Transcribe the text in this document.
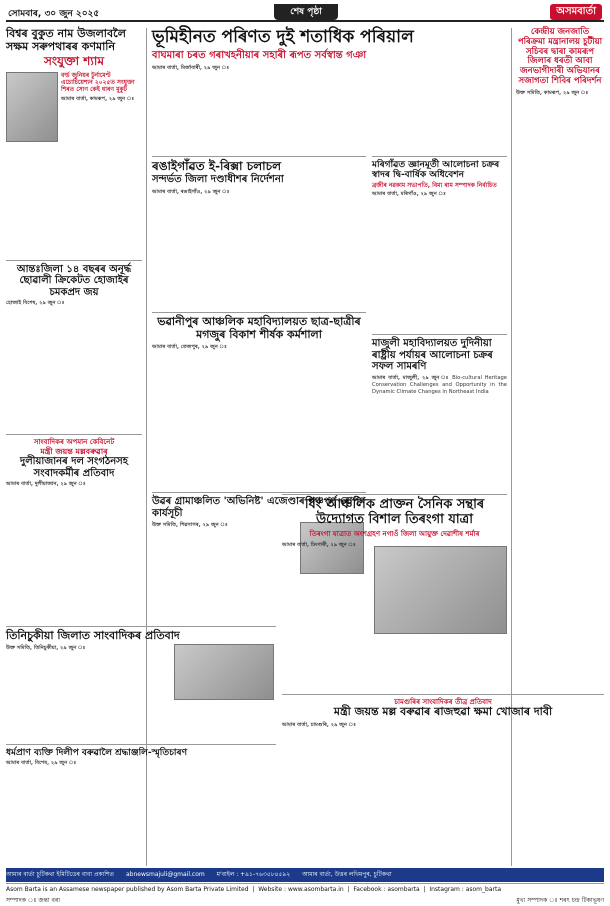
সোমবাৰ, ৩০ জুন ২০২৫	শেষ পৃষ্ঠা	অসমবাৰ্তা
বিশ্বৰ বুকুত নাম উজলাবলৈ সক্ষম সৰুপথাৰৰ কণমানি
সংযুক্তা শ্যাম
বৰ্ল্ড জুনিয়ৰ টুৰ্নামেণ্ট এচোচিয়েশ্যন ২০২৫ত সংযুক্তা শিৰত সোণ কেই ধাৰণ মুকুট
আমাৰ বাৰ্তা, কামৰূপ, ২৯ জুন ঃ
আন্তঃজিলা ১৪ বছৰৰ অনূৰ্দ্ধ ছোৱালী ক্ৰিকেটত হোজাইৰ চমকপ্ৰদ জয়
হোজাই বিশেষ, ২৯ জুন ঃ
সাংবাদিকৰ অপমান কেবিনেট
মন্ত্ৰী জয়ন্ত মল্লবৰুৱাৰ
দুলীয়াজানৰ দল সংগঠনসহ সংবাদকৰ্মীৰ প্ৰতিবাদ
আমাৰ বাৰ্তা, দুলীয়াজান, ২৯ জুন ঃ
তিনিচুকীয়া জিলাত সাংবাদিকৰ প্ৰতিবাদ
উক্ত সমিতি, তিনিচুকীয়া, ২৯ জুন ঃ
ধৰ্মপ্ৰাণ ব্যক্তি দিলীপ বৰুৱালৈ শ্ৰদ্ধাঞ্জলি-স্মৃতিচাৰণ
আমাৰ বাৰ্তা, বিশেষ, ২৯ জুন ঃ
ভূমিহীনত পৰিণত দুই শতাধিক পৰিয়াল
বাঘমাৰা চৰত গৰাখহনীয়াৰ সহাৰী ৰূপত সৰ্বস্বান্ত গঞা
আমাৰ বাৰ্তা, মিৰ্জাবাৰী, ২৯ জুন ঃ
ৰঙাইগাঁৱত ই-ৰিক্সা চলাচল
সন্দৰ্ভত জিলা দণ্ডাধীশৰ নিৰ্দেশনা
আমাৰ বাৰ্তা, ৰঙাইগাঁও, ২৯ জুন ঃ
ভৱানীপুৰ আঞ্চলিক মহাবিদ্যালয়ত ছাত্ৰ-ছাত্ৰীৰ মগজুৰ বিকাশ শীৰ্ষক কৰ্মশালা
আমাৰ বাৰ্তা, তেজপুৰ, ২৯ জুন ঃ
উৱৰ গ্ৰামাঞ্চলিত 'অভিনিষ্ট' এজেণ্ডাৰ পঞ্চপূৰ্ণ ৰোপণ কাৰ্যসূচী
উক্ত সমিতি, শিৱসাগৰ, ২৯ জুন ঃ
মৰিগাঁৱত জ্ঞানমূৰ্তী আলোচনা চক্ৰৰ স্বাদৰ দ্বি-বাৰ্ষিক অধিবেশন
ব্ৰজীৰ নৱকাম সভাপতি, বিমা ৰাম সম্পাদক নিৰ্বাচিত
আমাৰ বাৰ্তা, মৰিগাঁও, ২৯ জুন ঃ
মাজুলী মহাবিদ্যালয়ত দুদিনীয়া ৰাষ্ট্ৰীয় পৰ্যায়ৰ আলোচনা চক্ৰৰ সফল সামৰণি
আমাৰ বাৰ্তা, মাজুলী, ২৯ জুন ঃ Bio-cultural Heritage Conservation Challenges and Opportunity in the Dynamic Climate Changes in Northeast India
ধিং আঞ্চলিক প্ৰাক্তন সৈনিক সন্থাৰ উদ্যোগত বিশাল তিৰংগা যাত্ৰা
তিৰংগা যাত্ৰাত অংশগ্ৰহণ নগাওঁ জিলা আয়ুক্ত দেৱাশীষ শৰ্মাৰ
আমাৰ বাৰ্তা, ঢিংগাৰী, ২৯ জুন ঃ
চামগুৰিৰ সাংবাদিকৰ তীব্ৰ প্ৰতিবাদ
মন্ত্ৰী জয়ন্ত মল্ল বৰুৱাৰ ৰাজহুৱা ক্ষমা খোজাৰ দাবী
আমাৰ বাৰ্তা, চামগুৰি, ২৯ জুন ঃ
কেন্দ্ৰীয় জনজাতি পৰিক্ৰমা মন্ত্ৰানালয় চুটীয়া সচিবৰ দ্বাৰা কামৰূপ জিলাৰ ধৰতী আবা জনভাগীদাৰী অভিযানৰ সজাগতা শিবিৰ পৰিদৰ্শন
উক্ত সমিতি, কামৰূপ, ২৯ জুন ঃ
আমাৰ বাৰ্তা চুটিকথা ইমিটিডেৰ বাবা প্ৰকাশিত abnewsmajuli@gmail.com ম'বাইল : +৯১-৭৬৩৫৮৪৫৯২ আমাৰ বাৰ্তা, উত্তৰ লখিমপুৰ, চুটিকথা
Asom Barta is an Assamese newspaper published by Asom Barta Private Limited  |  Website : www.asombarta.in  |  Facebook : asombarta  |  Instagram : asom_barta
সম্পাদক ঃ জন্তা বৰা	মুখ্য সম্পাদক ঃ শৰৎ চন্দ্ৰ টিকাভূষণ
